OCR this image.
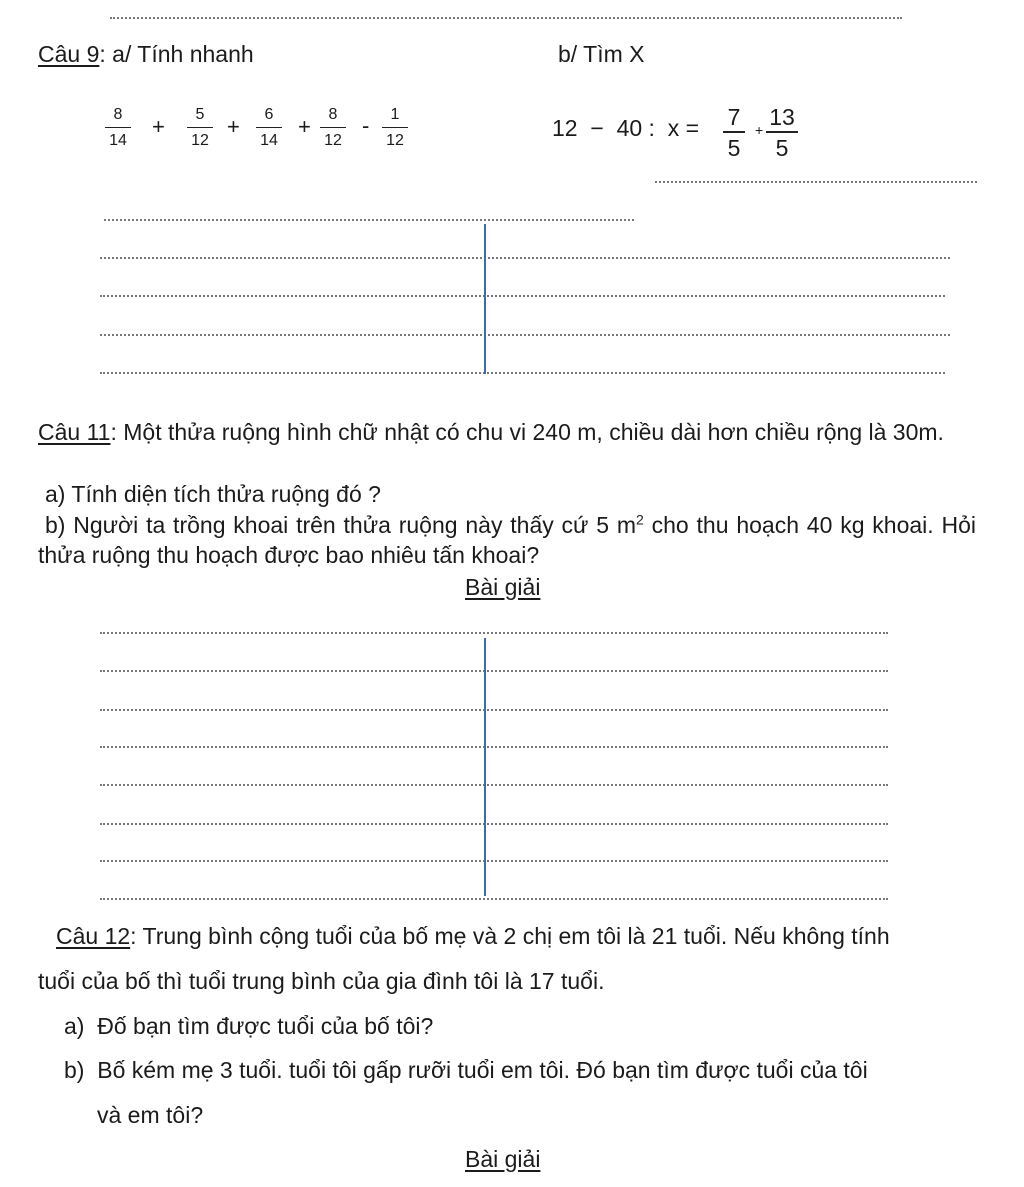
Câu 9: a/ Tính nhanh	b/ Tìm X
8
14
+	5
12
+	6
14
+	8
12
-	1
12	12  −  40 :  x = 7
5
+ 13
5
Câu 11: Một thửa ruộng hình chữ nhật có chu vi 240 m, chiều dài hơn chiều rộng là 30m.
a) Tính diện tích thửa ruộng đó ?
b) Người ta trồng khoai trên thửa ruộng này thấy cứ 5 $m^2$ cho thu hoạch 40 kg khoai. Hỏi thửa ruộng thu hoạch được bao nhiêu tấn khoai?
Bài giải
Câu 12: Trung bình cộng tuổi của bố mẹ và 2 chị em tôi là 21 tuổi. Nếu không tính
tuổi của bố thì tuổi trung bình của gia đình tôi là 17 tuổi.
a)  Đố bạn tìm được tuổi của bố tôi?
b)  Bố kém mẹ 3 tuổi. tuổi tôi gấp rưỡi tuổi em tôi. Đó bạn tìm được tuổi của tôi
và em tôi?
Bài giải
